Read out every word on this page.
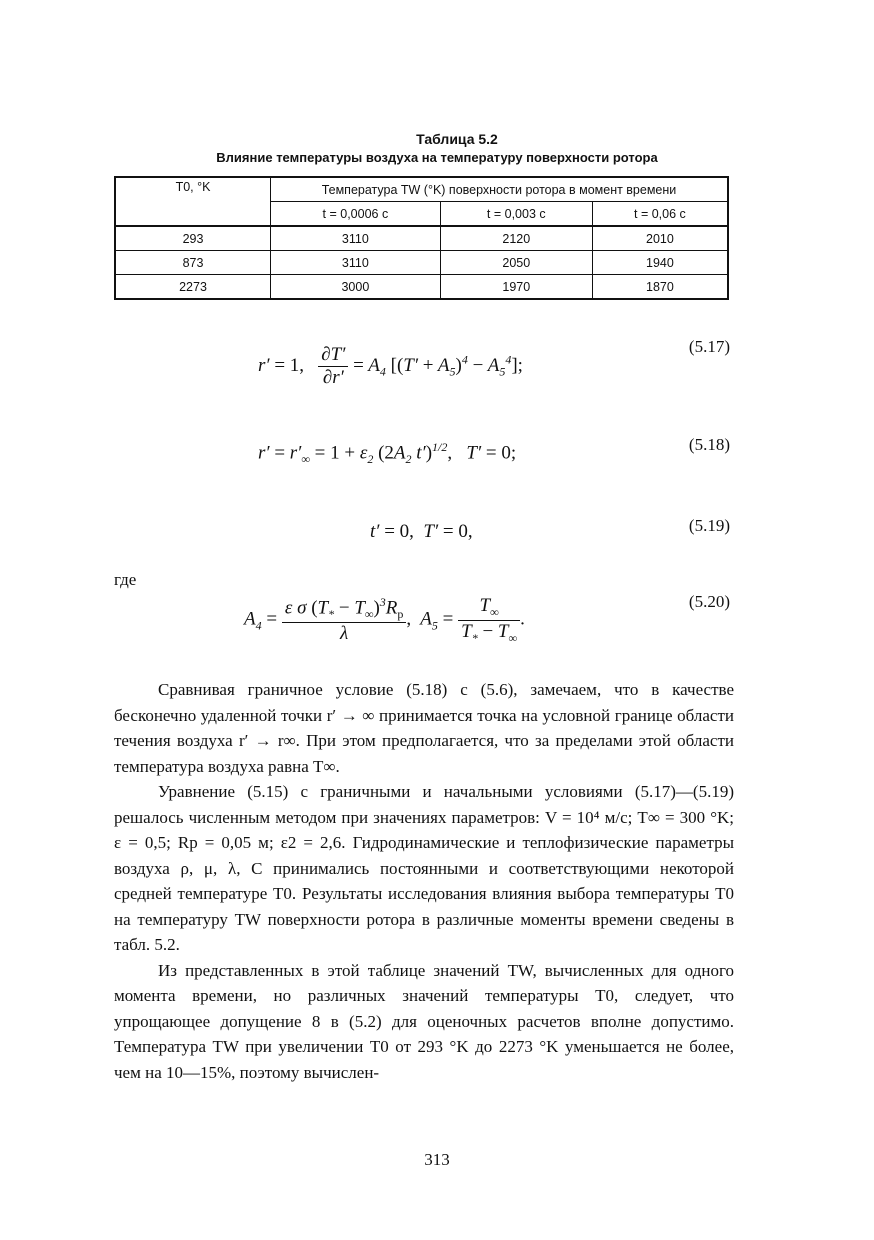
Таблица 5.2
Влияние температуры воздуха на температуру поверхности ротора
T0, °K	Температура TW (°K) поверхности ротора в момент времени		
	t = 0,0006 c	t = 0,003 c	t = 0,06 c
293	3110	2120	2010
873	3110	2050	1940
2273	3000	1970	1870
r′ = 1, $\frac{\partial T'}{\partial r'} = A_4$ $[(T' + A_5)^4 - A_5^4]$;
(5.17)
$r' = r'_\infty = 1 + \varepsilon_2$ ($2A_2$ t′)$^{1/2}$,   T′ = 0;	(5.18)
t′ = 0,  T′ = 0,	(5.19)
где
$A_4 = \frac{\varepsilon \sigma (T_* - T_\infty)^3R_p}{\lambda}$ ,  $A_5 = \frac{T_\infty}{T_* - T_\infty}$ .
(5.20)

Сравнивая граничное условие (5.18) с (5.6), замечаем, что в качестве бесконечно удаленной точки r′ → ∞ принимается точка на условной границе области течения воздуха r′ → r∞. При этом предполагается, что за пределами этой области температура воздуха равна T∞.

Уравнение (5.15) с граничными и начальными условиями (5.17)—(5.19) решалось численным методом при значениях параметров: V = 10⁴ м/с; T∞ = 300 °K; ε = 0,5; Rp = 0,05 м; ε2 = 2,6. Гидродинамические и теплофизические параметры воздуха ρ, μ, λ, C принимались постоянными и соответствующими некоторой средней температуре T0. Результаты исследования влияния выбора температуры T0 на температуру TW поверхности ротора в различные моменты времени сведены в табл. 5.2.

Из представленных в этой таблице значений TW, вычисленных для одного момента времени, но различных значений температуры T0, следует, что упрощающее допущение 8 в (5.2) для оценочных расчетов вполне допустимо. Температура TW при увеличении T0 от 293 °K до 2273 °K уменьшается не более, чем на 10—15%, поэтому вычислен-

313
